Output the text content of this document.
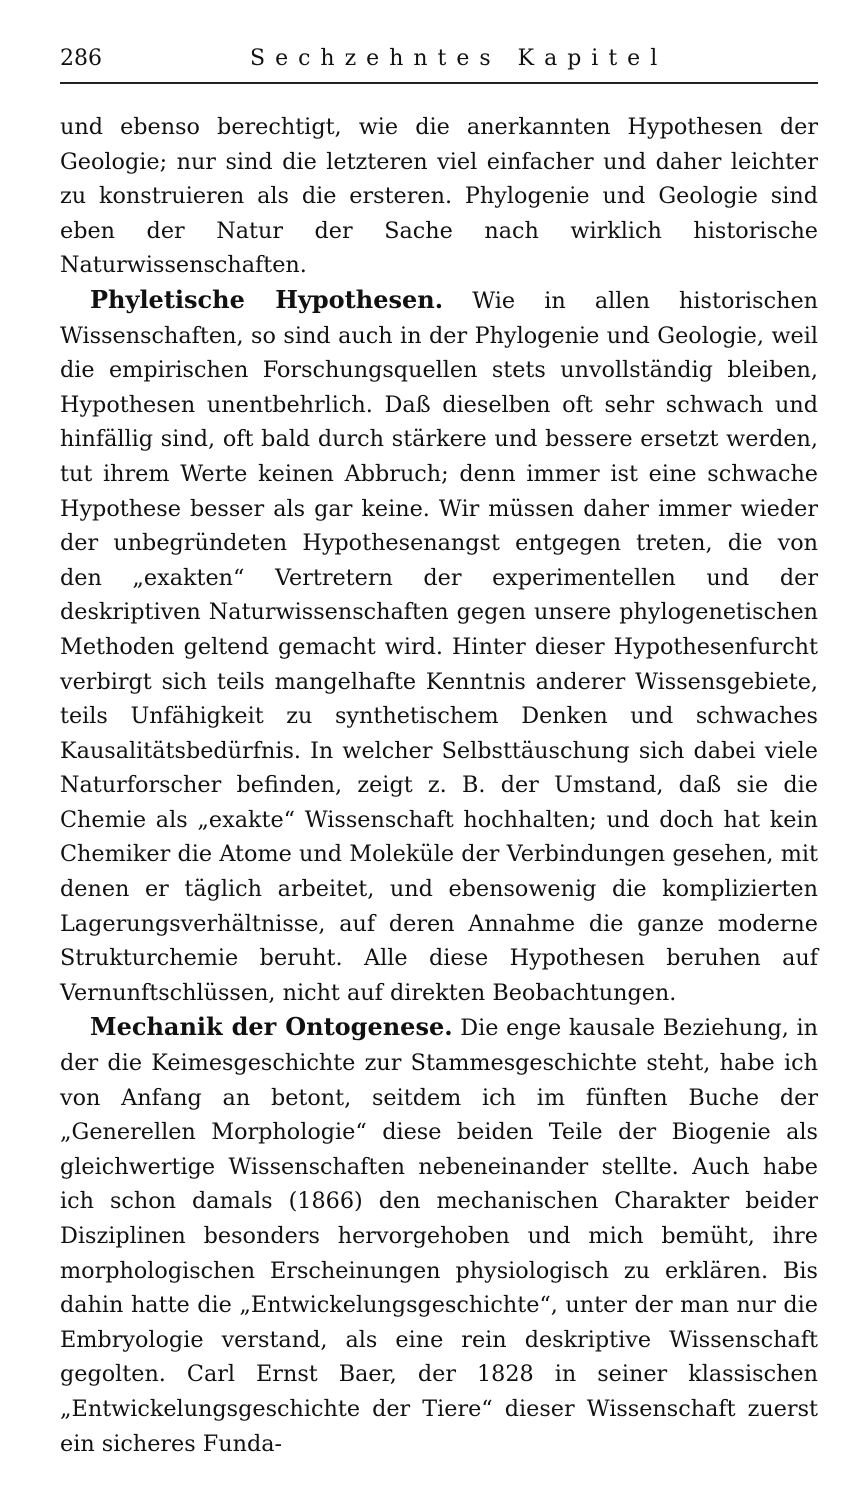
286	Sechzehntes Kapitel

und ebenso berechtigt, wie die anerkannten Hypothesen der Geologie; nur sind die letzteren viel einfacher und daher leichter zu konstruieren als die ersteren. Phylogenie und Geologie sind eben der Natur der Sache nach wirklich historische Naturwissenschaften.

Phyletische Hypothesen. Wie in allen historischen Wissenschaften, so sind auch in der Phylogenie und Geologie, weil die empirischen Forschungsquellen stets unvollständig bleiben, Hypothesen unentbehrlich. Daß dieselben oft sehr schwach und hinfällig sind, oft bald durch stärkere und bessere ersetzt werden, tut ihrem Werte keinen Abbruch; denn immer ist eine schwache Hypothese besser als gar keine. Wir müssen daher immer wieder der unbegründeten Hypothesenangst entgegen treten, die von den „exakten“ Vertretern der experimentellen und der deskriptiven Naturwissenschaften gegen unsere phylogenetischen Methoden geltend gemacht wird. Hinter dieser Hypothesenfurcht verbirgt sich teils mangelhafte Kenntnis anderer Wissensgebiete, teils Unfähigkeit zu synthetischem Denken und schwaches Kausalitätsbedürfnis. In welcher Selbsttäuschung sich dabei viele Naturforscher befinden, zeigt z. B. der Umstand, daß sie die Chemie als „exakte“ Wissenschaft hochhalten; und doch hat kein Chemiker die Atome und Moleküle der Verbindungen gesehen, mit denen er täglich arbeitet, und ebensowenig die komplizierten Lagerungsverhältnisse, auf deren Annahme die ganze moderne Strukturchemie beruht. Alle diese Hypothesen beruhen auf Vernunftschlüssen, nicht auf direkten Beobachtungen.

Mechanik der Ontogenese. Die enge kausale Beziehung, in der die Keimesgeschichte zur Stammesgeschichte steht, habe ich von Anfang an betont, seitdem ich im fünften Buche der „Generellen Morphologie“ diese beiden Teile der Biogenie als gleichwertige Wissenschaften nebeneinander stellte. Auch habe ich schon damals (1866) den mechanischen Charakter beider Disziplinen besonders hervorgehoben und mich bemüht, ihre morphologischen Erscheinungen physiologisch zu erklären. Bis dahin hatte die „Entwickelungsgeschichte“, unter der man nur die Embryologie verstand, als eine rein deskriptive Wissenschaft gegolten. Carl Ernst Baer, der 1828 in seiner klassischen „Entwickelungsgeschichte der Tiere“ dieser Wissenschaft zuerst ein sicheres Funda-
